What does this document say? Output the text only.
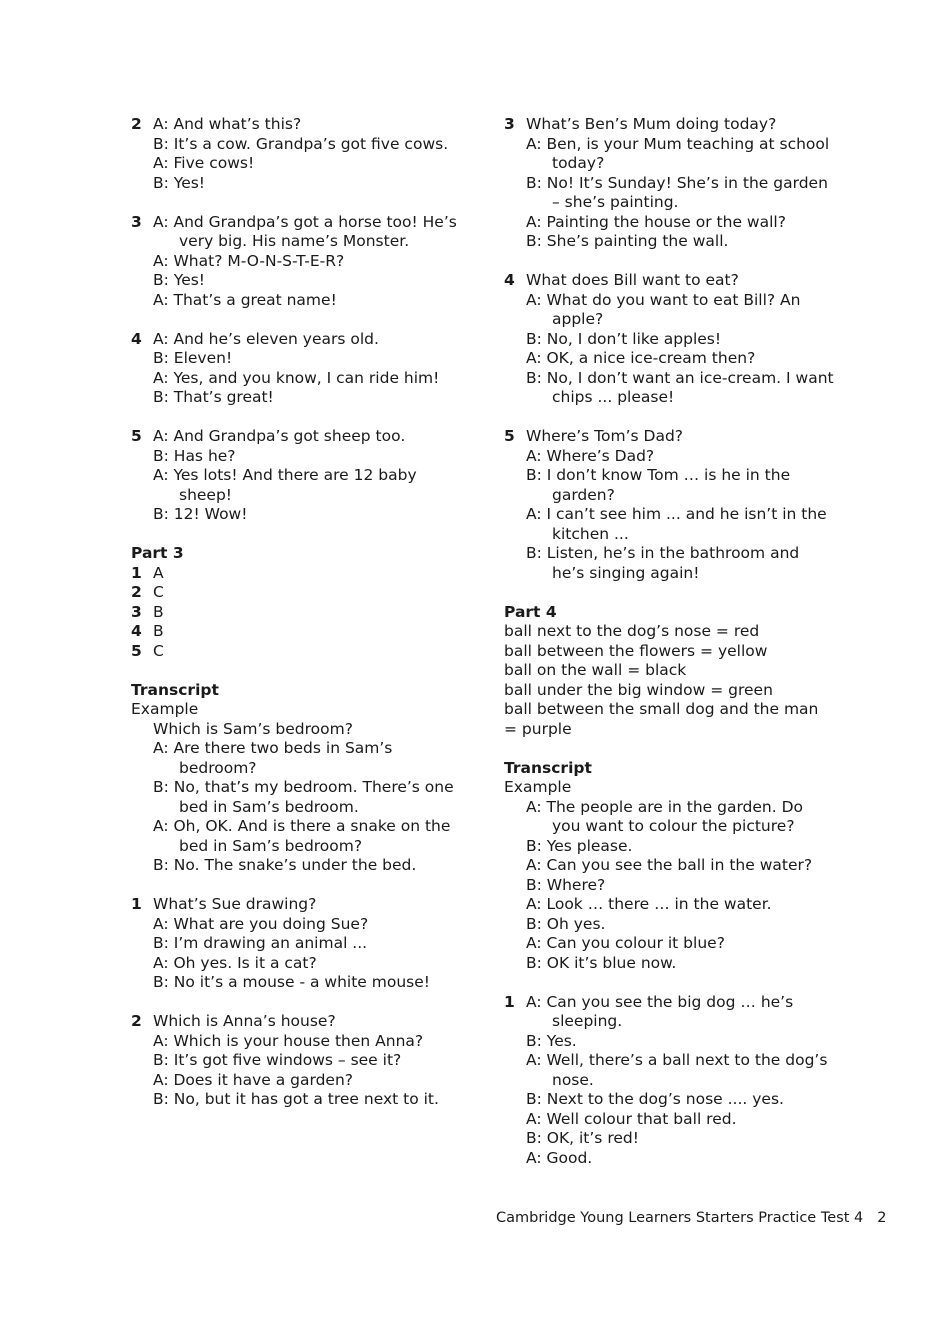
2 A: And what’s this?
B: It’s a cow. Grandpa’s got five cows.
A: Five cows!
B: Yes!
3 A: And Grandpa’s got a horse too! He’s very big. His name’s Monster.
A: What? M-O-N-S-T-E-R?
B: Yes!
A: That’s a great name!
4 A: And he’s eleven years old.
B: Eleven!
A: Yes, and you know, I can ride him!
B: That’s great!
5 A: And Grandpa’s got sheep too.
B: Has he?
A: Yes lots! And there are 12 baby sheep!
B: 12! Wow!
Part 3
1 A
2 C
3 B
4 B
5 C
Transcript
Example
Which is Sam’s bedroom?
A: Are there two beds in Sam’s bedroom?
B: No, that’s my bedroom. There’s one bed in Sam’s bedroom.
A: Oh, OK. And is there a snake on the bed in Sam’s bedroom?
B: No. The snake’s under the bed.
1 What’s Sue drawing?
A: What are you doing Sue?
B: I’m drawing an animal ...
A: Oh yes. Is it a cat?
B: No it’s a mouse - a white mouse!
2 Which is Anna’s house?
A: Which is your house then Anna?
B: It’s got five windows – see it?
A: Does it have a garden?
B: No, but it has got a tree next to it.
3 What’s Ben’s Mum doing today?
A: Ben, is your Mum teaching at school today?
B: No! It’s Sunday! She’s in the garden – she’s painting.
A: Painting the house or the wall?
B: She’s painting the wall.
4 What does Bill want to eat?
A: What do you want to eat Bill? An apple?
B: No, I don’t like apples!
A: OK, a nice ice-cream then?
B: No, I don’t want an ice-cream. I want chips ... please!
5 Where’s Tom’s Dad?
A: Where’s Dad?
B: I don’t know Tom … is he in the garden?
A: I can’t see him ... and he isn’t in the kitchen ...
B: Listen, he’s in the bathroom and he’s singing again!
Part 4
ball next to the dog’s nose = red
ball between the flowers = yellow
ball on the wall = black
ball under the big window = green
ball between the small dog and the man = purple
Transcript
Example
A: The people are in the garden. Do you want to colour the picture?
B: Yes please.
A: Can you see the ball in the water?
B: Where?
A: Look … there … in the water.
B: Oh yes.
A: Can you colour it blue?
B: OK it’s blue now.
1 A: Can you see the big dog … he’s sleeping.
B: Yes.
A: Well, there’s a ball next to the dog’s nose.
B: Next to the dog’s nose .... yes.
A: Well colour that ball red.
B: OK, it’s red!
A: Good.
Cambridge Young Learners Starters Practice Test 4 2
